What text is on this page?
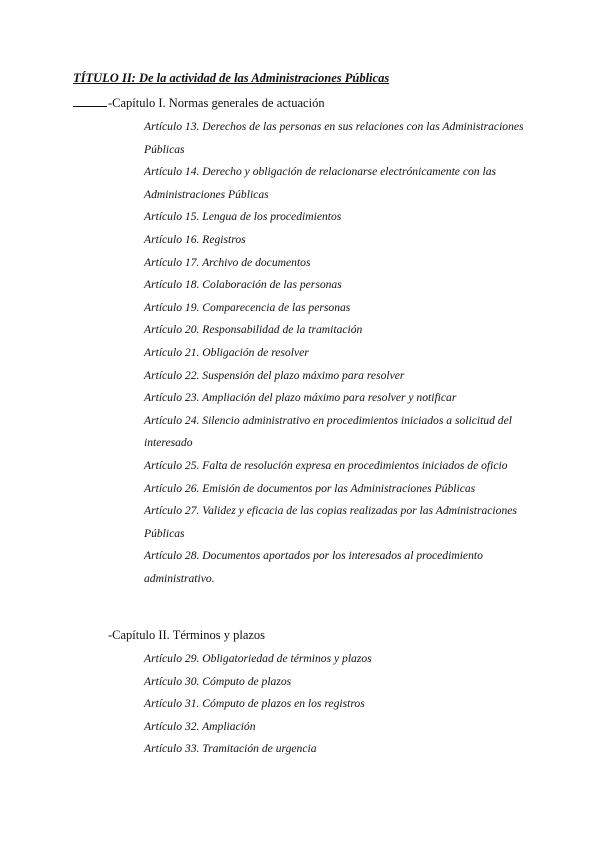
TÍTULO II: De la actividad de las Administraciones Públicas
-Capítulo I. Normas generales de actuación
Artículo 13. Derechos de las personas en sus relaciones con las Administraciones Públicas
Artículo 14. Derecho y obligación de relacionarse electrónicamente con las Administraciones Públicas
Artículo 15. Lengua de los procedimientos
Artículo 16. Registros
Artículo 17. Archivo de documentos
Artículo 18. Colaboración de las personas
Artículo 19. Comparecencia de las personas
Artículo 20. Responsabilidad de la tramitación
Artículo 21. Obligación de resolver
Artículo 22. Suspensión del plazo máximo para resolver
Artículo 23. Ampliación del plazo máximo para resolver y notificar
Artículo 24. Silencio administrativo en procedimientos iniciados a solicitud del interesado
Artículo 25. Falta de resolución expresa en procedimientos iniciados de oficio
Artículo 26. Emisión de documentos por las Administraciones Públicas
Artículo 27. Validez y eficacia de las copias realizadas por las Administraciones Públicas
Artículo 28. Documentos aportados por los interesados al procedimiento administrativo.
-Capítulo II. Términos y plazos
Artículo 29. Obligatoriedad de términos y plazos
Artículo 30. Cómputo de plazos
Artículo 31. Cómputo de plazos en los registros
Artículo 32. Ampliación
Artículo 33. Tramitación de urgencia
